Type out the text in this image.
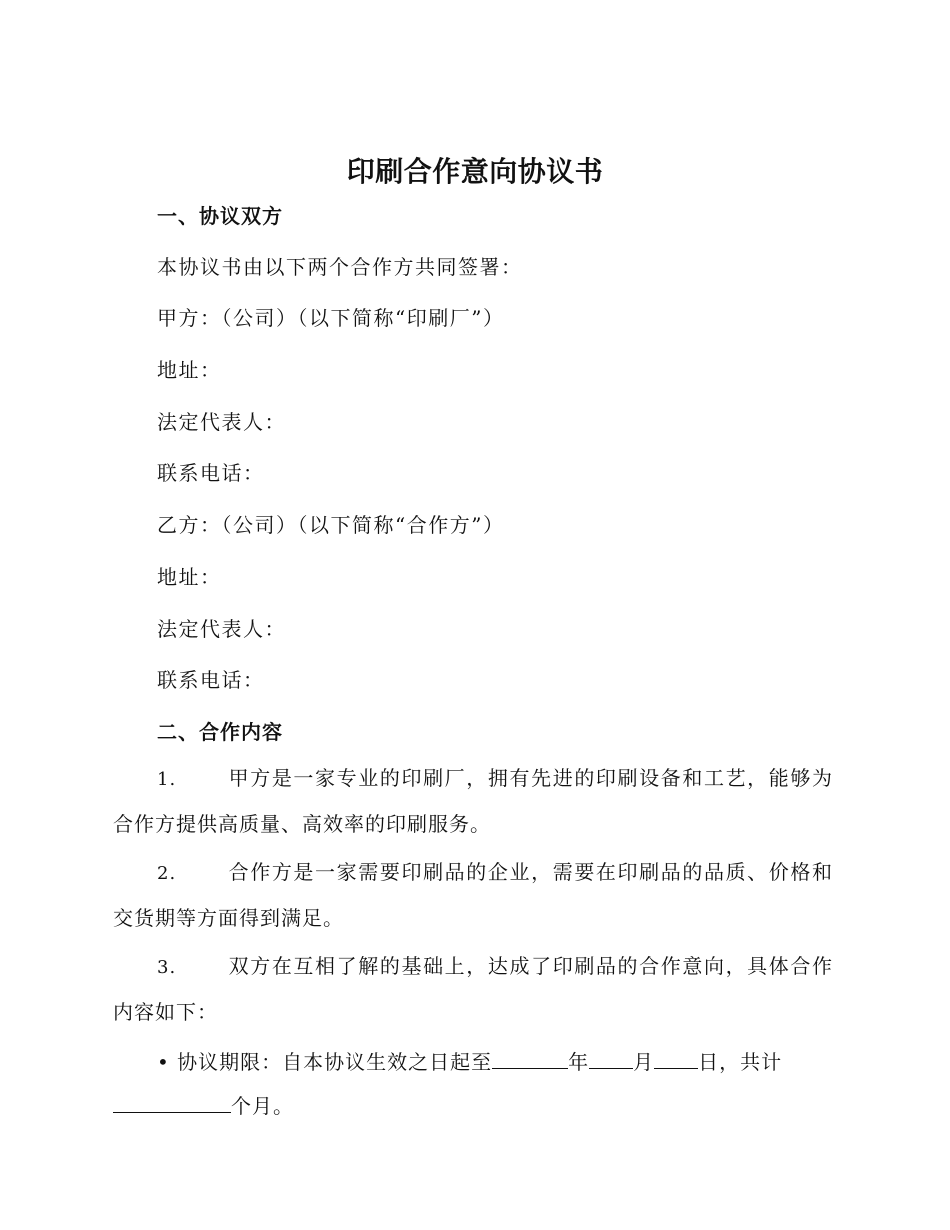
印刷合作意向协议书
一、协议双方
本协议书由以下两个合作方共同签署：
甲方：（公司）（以下简称“印刷厂”）
地址：
法定代表人：
联系电话：
乙方：（公司）（以下简称“合作方”）
地址：
法定代表人：
联系电话：
二、合作内容
1.	甲方是一家专业的印刷厂，拥有先进的印刷设备和工艺，能够为
合作方提供高质量、高效率的印刷服务。
2.	合作方是一家需要印刷品的企业，需要在印刷品的品质、价格和
交货期等方面得到满足。
3.	双方在互相了解的基础上，达成了印刷品的合作意向，具体合作
内容如下：
• 协议期限：自本协议生效之日起至	年 月 日，共计
个月。
